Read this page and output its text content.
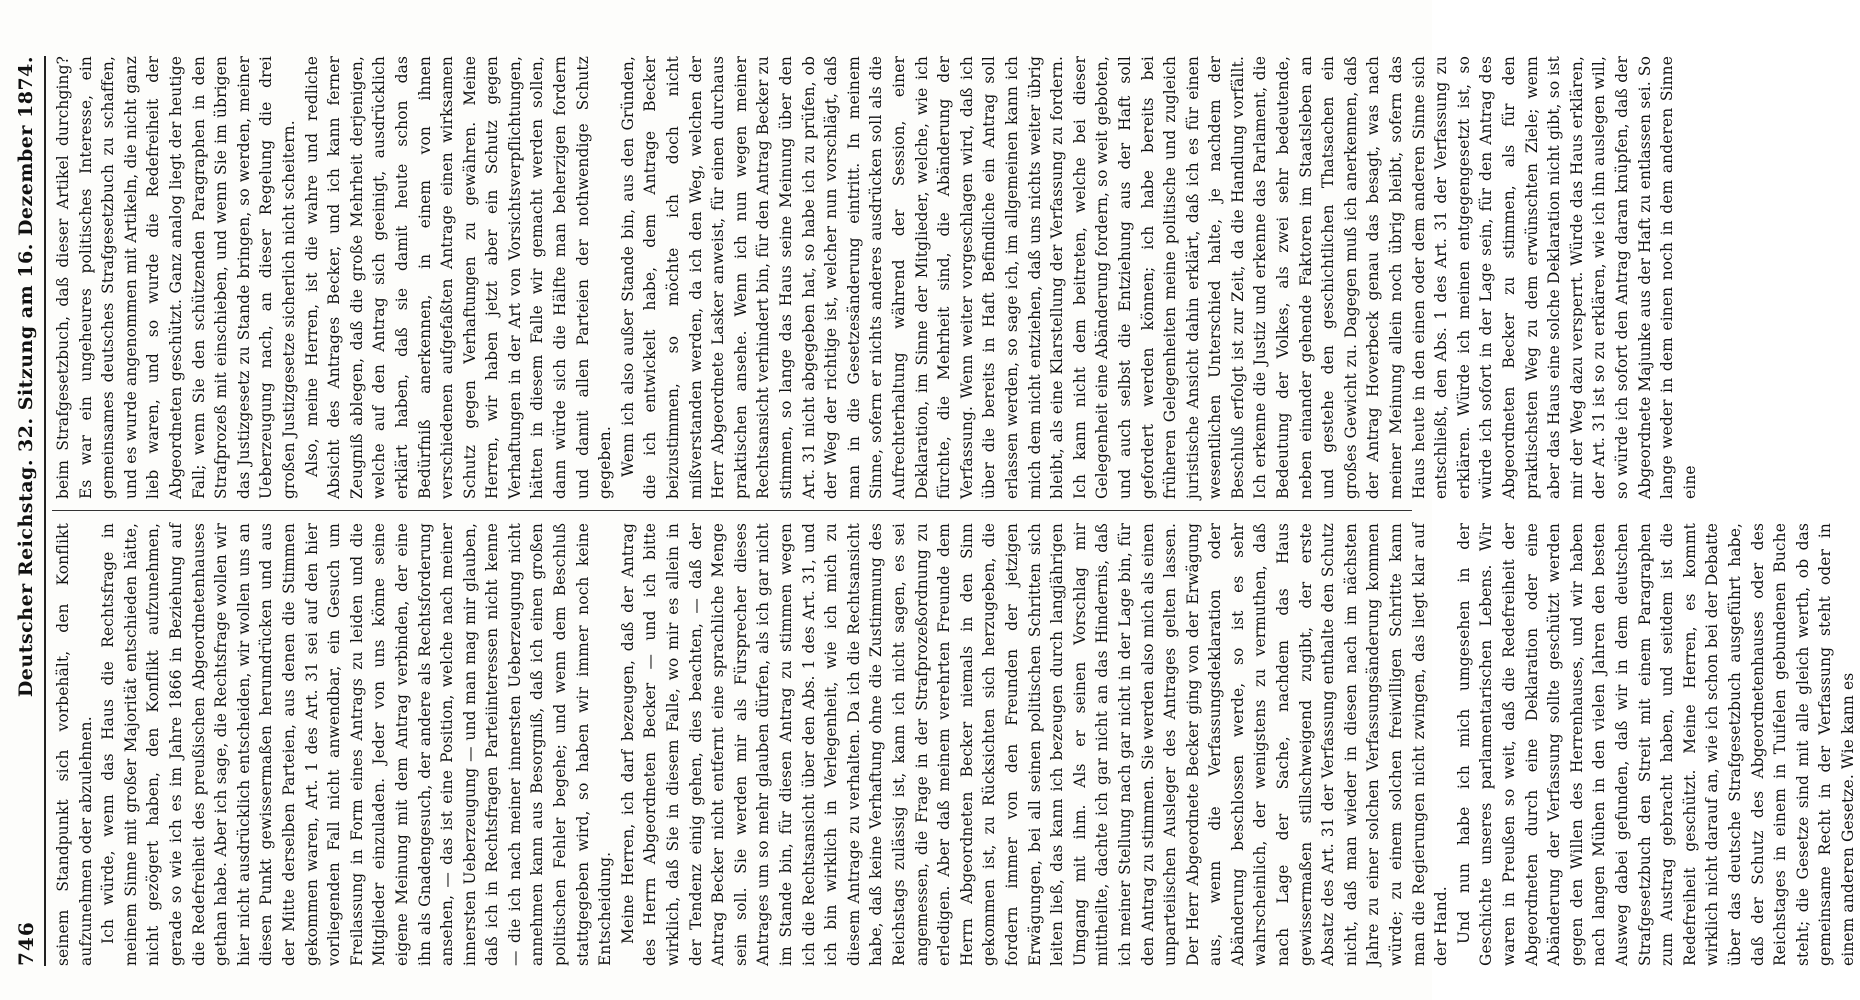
746
Deutscher Reichstag. 32. Sitzung am 16. Dezember 1874.

seinem Standpunkt sich vorbehält, den Konflikt aufzunehmen oder abzulehnen. Ich würde, wenn das Haus die Rechtsfrage in meinem Sinne mit großer Majorität entschieden hätte, nicht gezögert haben, den Konflikt aufzunehmen, gerade so wie ich es im Jahre 1866 in Beziehung auf die Redefreiheit des preußischen Abgeordnetenhauses gethan habe. Aber ich sage, die Rechtsfrage wollen wir hier nicht ausdrücklich entscheiden, wir wollen uns an diesen Punkt gewissermaßen herumdrücken und aus der Mitte derselben Parteien, aus denen die Stimmen gekommen waren, Art. 1 des Art. 31 sei auf den hier vorliegenden Fall nicht anwendbar, ein Gesuch um Freilassung in Form eines Antrags zu leiden und die Mitglieder einzuladen. Jeder von uns könne seine eigene Meinung mit dem Antrag verbinden, der eine ihn als Gnadengesuch, der andere als Rechtsforderung ansehen, — das ist eine Position, welche nach meiner innersten Ueberzeugung — und man mag mir glauben, daß ich in Rechtsfragen Parteiinteressen nicht kenne — die ich nach meiner innersten Ueberzeugung nicht annehmen kann aus Besorgniß, daß ich einen großen politischen Fehler begehe; und wenn dem Beschluß stattgegeben wird, so haben wir immer noch keine Entscheidung. Meine Herren, ich darf bezeugen, daß der Antrag des Herrn Abgeordneten Becker — und ich bitte wirklich, daß Sie in diesem Falle, wo mir es allein in der Tendenz einig gehen, dies beachten, — daß der Antrag Becker nicht entfernt eine sprachliche Menge sein soll. Sie werden mir als Fürsprecher dieses Antrages um so mehr glauben dürfen, als ich gar nicht im Stande bin, für diesen Antrag zu stimmen wegen ich die Rechtsansicht über den Abs. 1 des Art. 31, und ich bin wirklich in Verlegenheit, wie ich mich zu diesem Antrage zu verhalten. Da ich die Rechtsansicht habe, daß keine Verhaftung ohne die Zustimmung des Reichstags zulässig ist, kann ich nicht sagen, es sei angemessen, die Frage in der Strafprozeßordnung zu erledigen. Aber daß meinem verehrten Freunde dem Herrn Abgeordneten Becker niemals in den Sinn gekommen ist, zu Rücksichten sich herzugeben, die fordern immer von den Freunden der jetzigen Erwägungen, bei all seinen politischen Schritten sich leiten ließ, das kann ich bezeugen durch langjährigen Umgang mit ihm. Als er seinen Vorschlag mir mittheilte, dachte ich gar nicht an das Hindernis, daß ich meiner Stellung nach gar nicht in der Lage bin, für den Antrag zu stimmen. Sie werden also mich als einen unparteiischen Ausleger des Antrages gelten lassen. Der Herr Abgeordnete Becker ging von der Erwägung aus, wenn die Verfassungsdeklaration oder Abänderung beschlossen werde, so ist es sehr wahrscheinlich, der wenigstens zu vermuthen, daß nach Lage der Sache, nachdem das Haus gewissermaßen stillschweigend zugibt, der erste Absatz des Art. 31 der Verfassung enthalte den Schutz nicht, daß man wieder in diesen nach im nächsten Jahre zu einer solchen Verfassungsänderung kommen würde; zu einem solchen freiwilligen Schritte kann man die Regierungen nicht zwingen, das liegt klar auf der Hand. Und nun habe ich mich umgesehen in der Geschichte unseres parlamentarischen Lebens. Wir waren in Preußen so weit, daß die Redefreiheit der Abgeordneten durch eine Deklaration oder eine Abänderung der Verfassung sollte geschützt werden gegen den Willen des Herrenhauses, und wir haben nach langen Mühen in den vielen Jahren den besten Ausweg dabei gefunden, daß wir in dem deutschen Strafgesetzbuch den Streit mit einem Paragraphen zum Austrag gebracht haben, und seitdem ist die Redefreiheit geschützt. Meine Herren, es kommt wirklich nicht darauf an, wie ich schon bei der Debatte über das deutsche Strafgesetzbuch ausgeführt habe, daß der Schutz des Abgeordnetenhauses oder des Reichstages in einem in Tuifelen gebundenen Buche steht; die Gesetze sind mit alle gleich werth, ob das gemeinsame Recht in der Verfassung steht oder in einem anderen Gesetze. Wie kann es

beim Strafgesetzbuch, daß dieser Artikel durchging? Es war ein ungeheures politisches Interesse, ein gemeinsames deutsches Strafgesetzbuch zu schaffen, und es wurde angenommen mit Artikeln, die nicht ganz lieb waren, und so wurde die Redefreiheit der Abgeordneten geschützt. Ganz analog liegt der heutige Fall; wenn Sie den schützenden Paragraphen in den Strafprozeß mit einschieben, und wenn Sie im übrigen das Justizgesetz zu Stande bringen, so werden, meiner Ueberzeugung nach, an dieser Regelung die drei großen Justizgesetze sicherlich nicht scheitern. Also, meine Herren, ist die wahre und redliche Absicht des Antrages Becker, und ich kann ferner Zeugniß ablegen, daß die große Mehrheit derjenigen, welche auf den Antrag sich geeinigt, ausdrücklich erklärt haben, daß sie damit heute schon das Bedürfniß anerkennen, in einem von ihnen verschiedenen aufgefaßten Antrage einen wirksamen Schutz gegen Verhaftungen zu gewähren. Meine Herren, wir haben jetzt aber ein Schutz gegen Verhaftungen in der Art von Vorsichtsverpflichtungen, hätten in diesem Falle wir gemacht werden sollen, dann würde sich die Hälfte man beherzigen fordern und damit allen Parteien der nothwendige Schutz gegeben. Wenn ich also außer Stande bin, aus den Gründen, die ich entwickelt habe, dem Antrage Becker beizustimmen, so möchte ich doch nicht mißverstanden werden, da ich den Weg, welchen der Herr Abgeordnete Lasker anweist, für einen durchaus praktischen ansehe. Wenn ich nun wegen meiner Rechtsansicht verhindert bin, für den Antrag Becker zu stimmen, so lange das Haus seine Meinung über den Art. 31 nicht abgegeben hat, so habe ich zu prüfen, ob der Weg der richtige ist, welcher nun vorschlägt, daß man in die Gesetzesänderung eintritt. In meinem Sinne, sofern er nichts anderes ausdrücken soll als die Aufrechterhaltung während der Session, einer Deklaration, im Sinne der Mitglieder, welche, wie ich fürchte, die Mehrheit sind, die Abänderung der Verfassung. Wenn weiter vorgeschlagen wird, daß ich über die bereits in Haft Befindliche ein Antrag soll erlassen werden, so sage ich, im allgemeinen kann ich mich dem nicht entziehen, daß uns nichts weiter übrig bleibt, als eine Klarstellung der Verfassung zu fordern. Ich kann nicht dem beitreten, welche bei dieser Gelegenheit eine Abänderung fordern, so weit geboten, und auch selbst die Entziehung aus der Haft soll gefordert werden können; ich habe bereits bei früheren Gelegenheiten meine politische und zugleich juristische Ansicht dahin erklärt, daß ich es für einen wesentlichen Unterschied halte, je nachdem der Beschluß erfolgt ist zur Zeit, da die Handlung vorfällt. Ich erkenne die Justiz und erkenne das Parlament, die Bedeutung der Volkes, als zwei sehr bedeutende, neben einander gehende Faktoren im Staatsleben an und gestehe den geschichtlichen Thatsachen ein großes Gewicht zu. Dagegen muß ich anerkennen, daß der Antrag Hoverbeck genau das besagt, was nach meiner Meinung allein noch übrig bleibt, sofern das Haus heute in den einen oder dem anderen Sinne sich entschließt, den Abs. 1 des Art. 31 der Verfassung zu erklären. Würde ich meinen entgegengesetzt ist, so würde ich sofort in der Lage sein, für den Antrag des Abgeordneten Becker zu stimmen, als für den praktischsten Weg zu dem erwünschten Ziele; wenn aber das Haus eine solche Deklaration nicht gibt, so ist mir der Weg dazu versperrt. Würde das Haus erklären, der Art. 31 ist so zu erklären, wie ich ihn auslegen will, so würde ich sofort den Antrag daran knüpfen, daß der Abgeordnete Majunke aus der Haft zu entlassen sei. So lange weder in dem einen noch in dem anderen Sinne eine
